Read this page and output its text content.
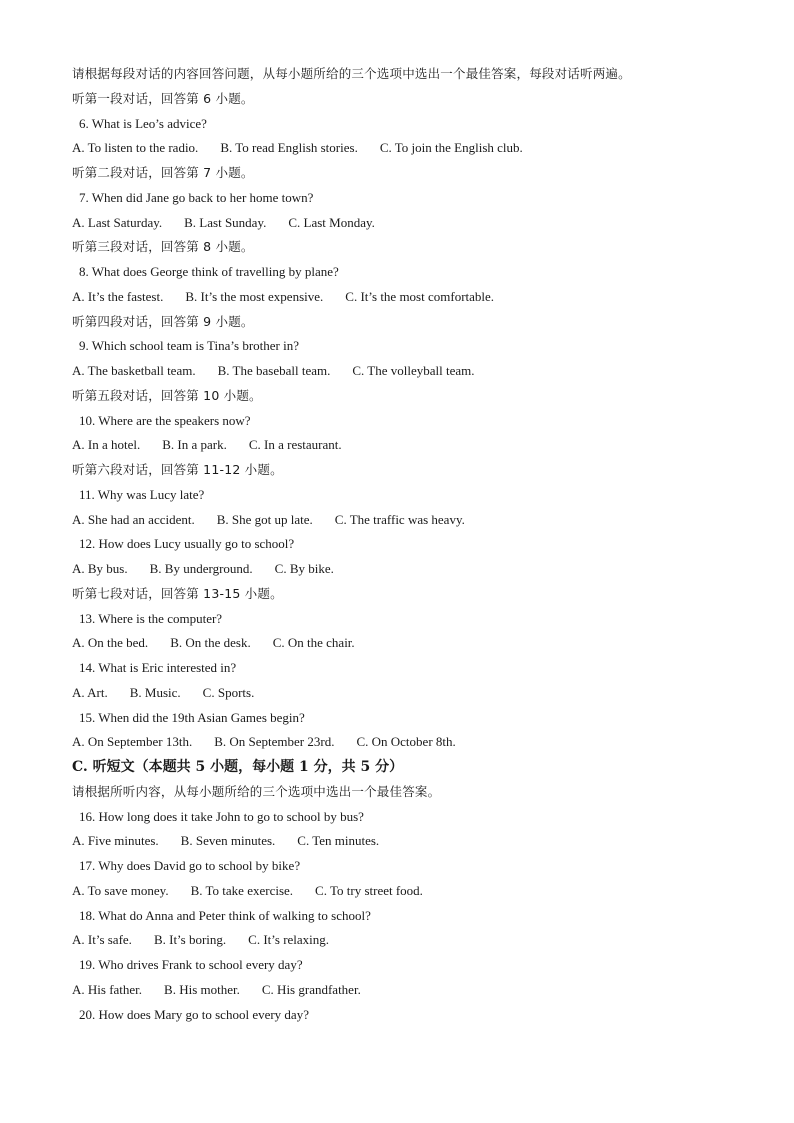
请根据每段对话的内容回答问题，从每小题所给的三个选项中选出一个最佳答案，每段对话听两遍。
听第一段对话，回答第 6 小题。
6. What is Leo’s advice?
A. To listen to the radio. B. To read English stories. C. To join the English club.
听第二段对话，回答第 7 小题。
7. When did Jane go back to her home town?
A. Last Saturday. B. Last Sunday. C. Last Monday.
听第三段对话，回答第 8 小题。
8. What does George think of travelling by plane?
A. It’s the fastest. B. It’s the most expensive. C. It’s the most comfortable.
听第四段对话，回答第 9 小题。
9. Which school team is Tina’s brother in?
A. The basketball team. B. The baseball team. C. The volleyball team.
听第五段对话，回答第 10 小题。
10. Where are the speakers now?
A. In a hotel. B. In a park. C. In a restaurant.
听第六段对话，回答第 11-12 小题。
11. Why was Lucy late?
A. She had an accident. B. She got up late. C. The traffic was heavy.
12. How does Lucy usually go to school?
A. By bus. B. By underground. C. By bike.
听第七段对话，回答第 13-15 小题。
13. Where is the computer?
A. On the bed. B. On the desk. C. On the chair.
14. What is Eric interested in?
A. Art. B. Music. C. Sports.
15. When did the 19th Asian Games begin?
A. On September 13th. B. On September 23rd. C. On October 8th.
C. 听短文（本题共 5 小题，每小题 1 分，共 5 分）
请根据所听内容，从每小题所给的三个选项中选出一个最佳答案。
16. How long does it take John to go to school by bus?
A. Five minutes. B. Seven minutes. C. Ten minutes.
17. Why does David go to school by bike?
A. To save money. B. To take exercise. C. To try street food.
18. What do Anna and Peter think of walking to school?
A. It’s safe. B. It’s boring. C. It’s relaxing.
19. Who drives Frank to school every day?
A. His father. B. His mother. C. His grandfather.
20. How does Mary go to school every day?
